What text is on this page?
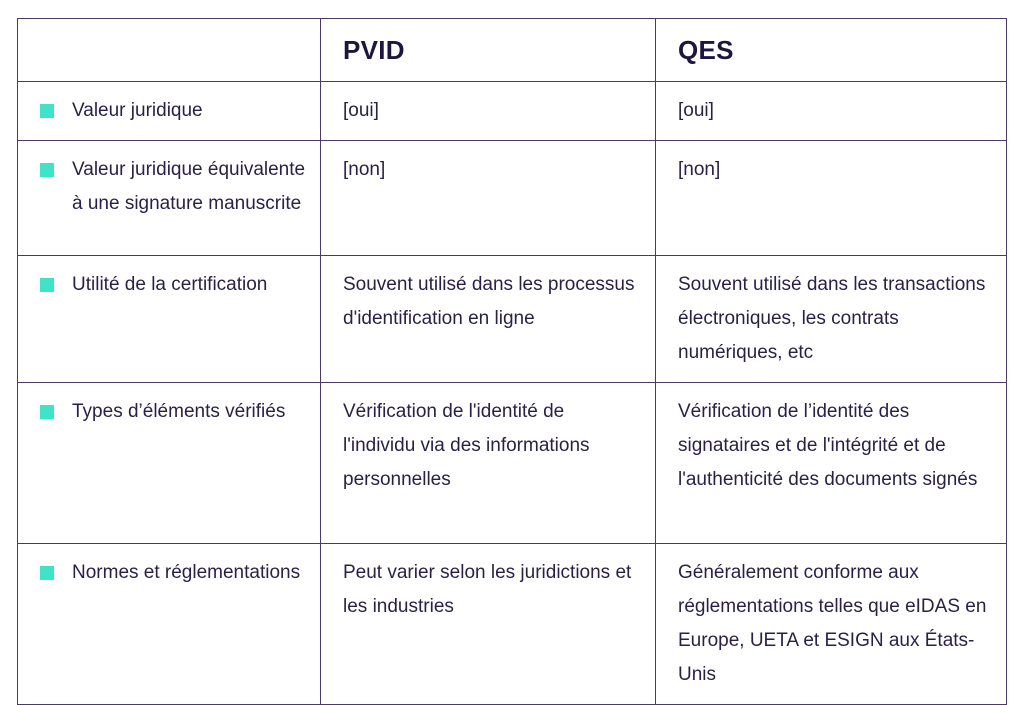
	PVID	QES

Valeur juridique	[oui]	[oui]

Valeur juridique équivalente à une signature manuscrite	[non]	[non]

Utilité de la certification	Souvent utilisé dans les processus d'identification en ligne	Souvent utilisé dans les transactions électroniques, les contrats numériques, etc

Types d’éléments vérifiés	Vérification de l'identité de l'individu via des informations personnelles	Vérification de l’identité des signataires et de l'intégrité et de l'authenticité des documents signés

Normes et réglementations	Peut varier selon les juridictions et les industries	Généralement conforme aux réglementations telles que eIDAS en Europe, UETA et ESIGN aux États-Unis
